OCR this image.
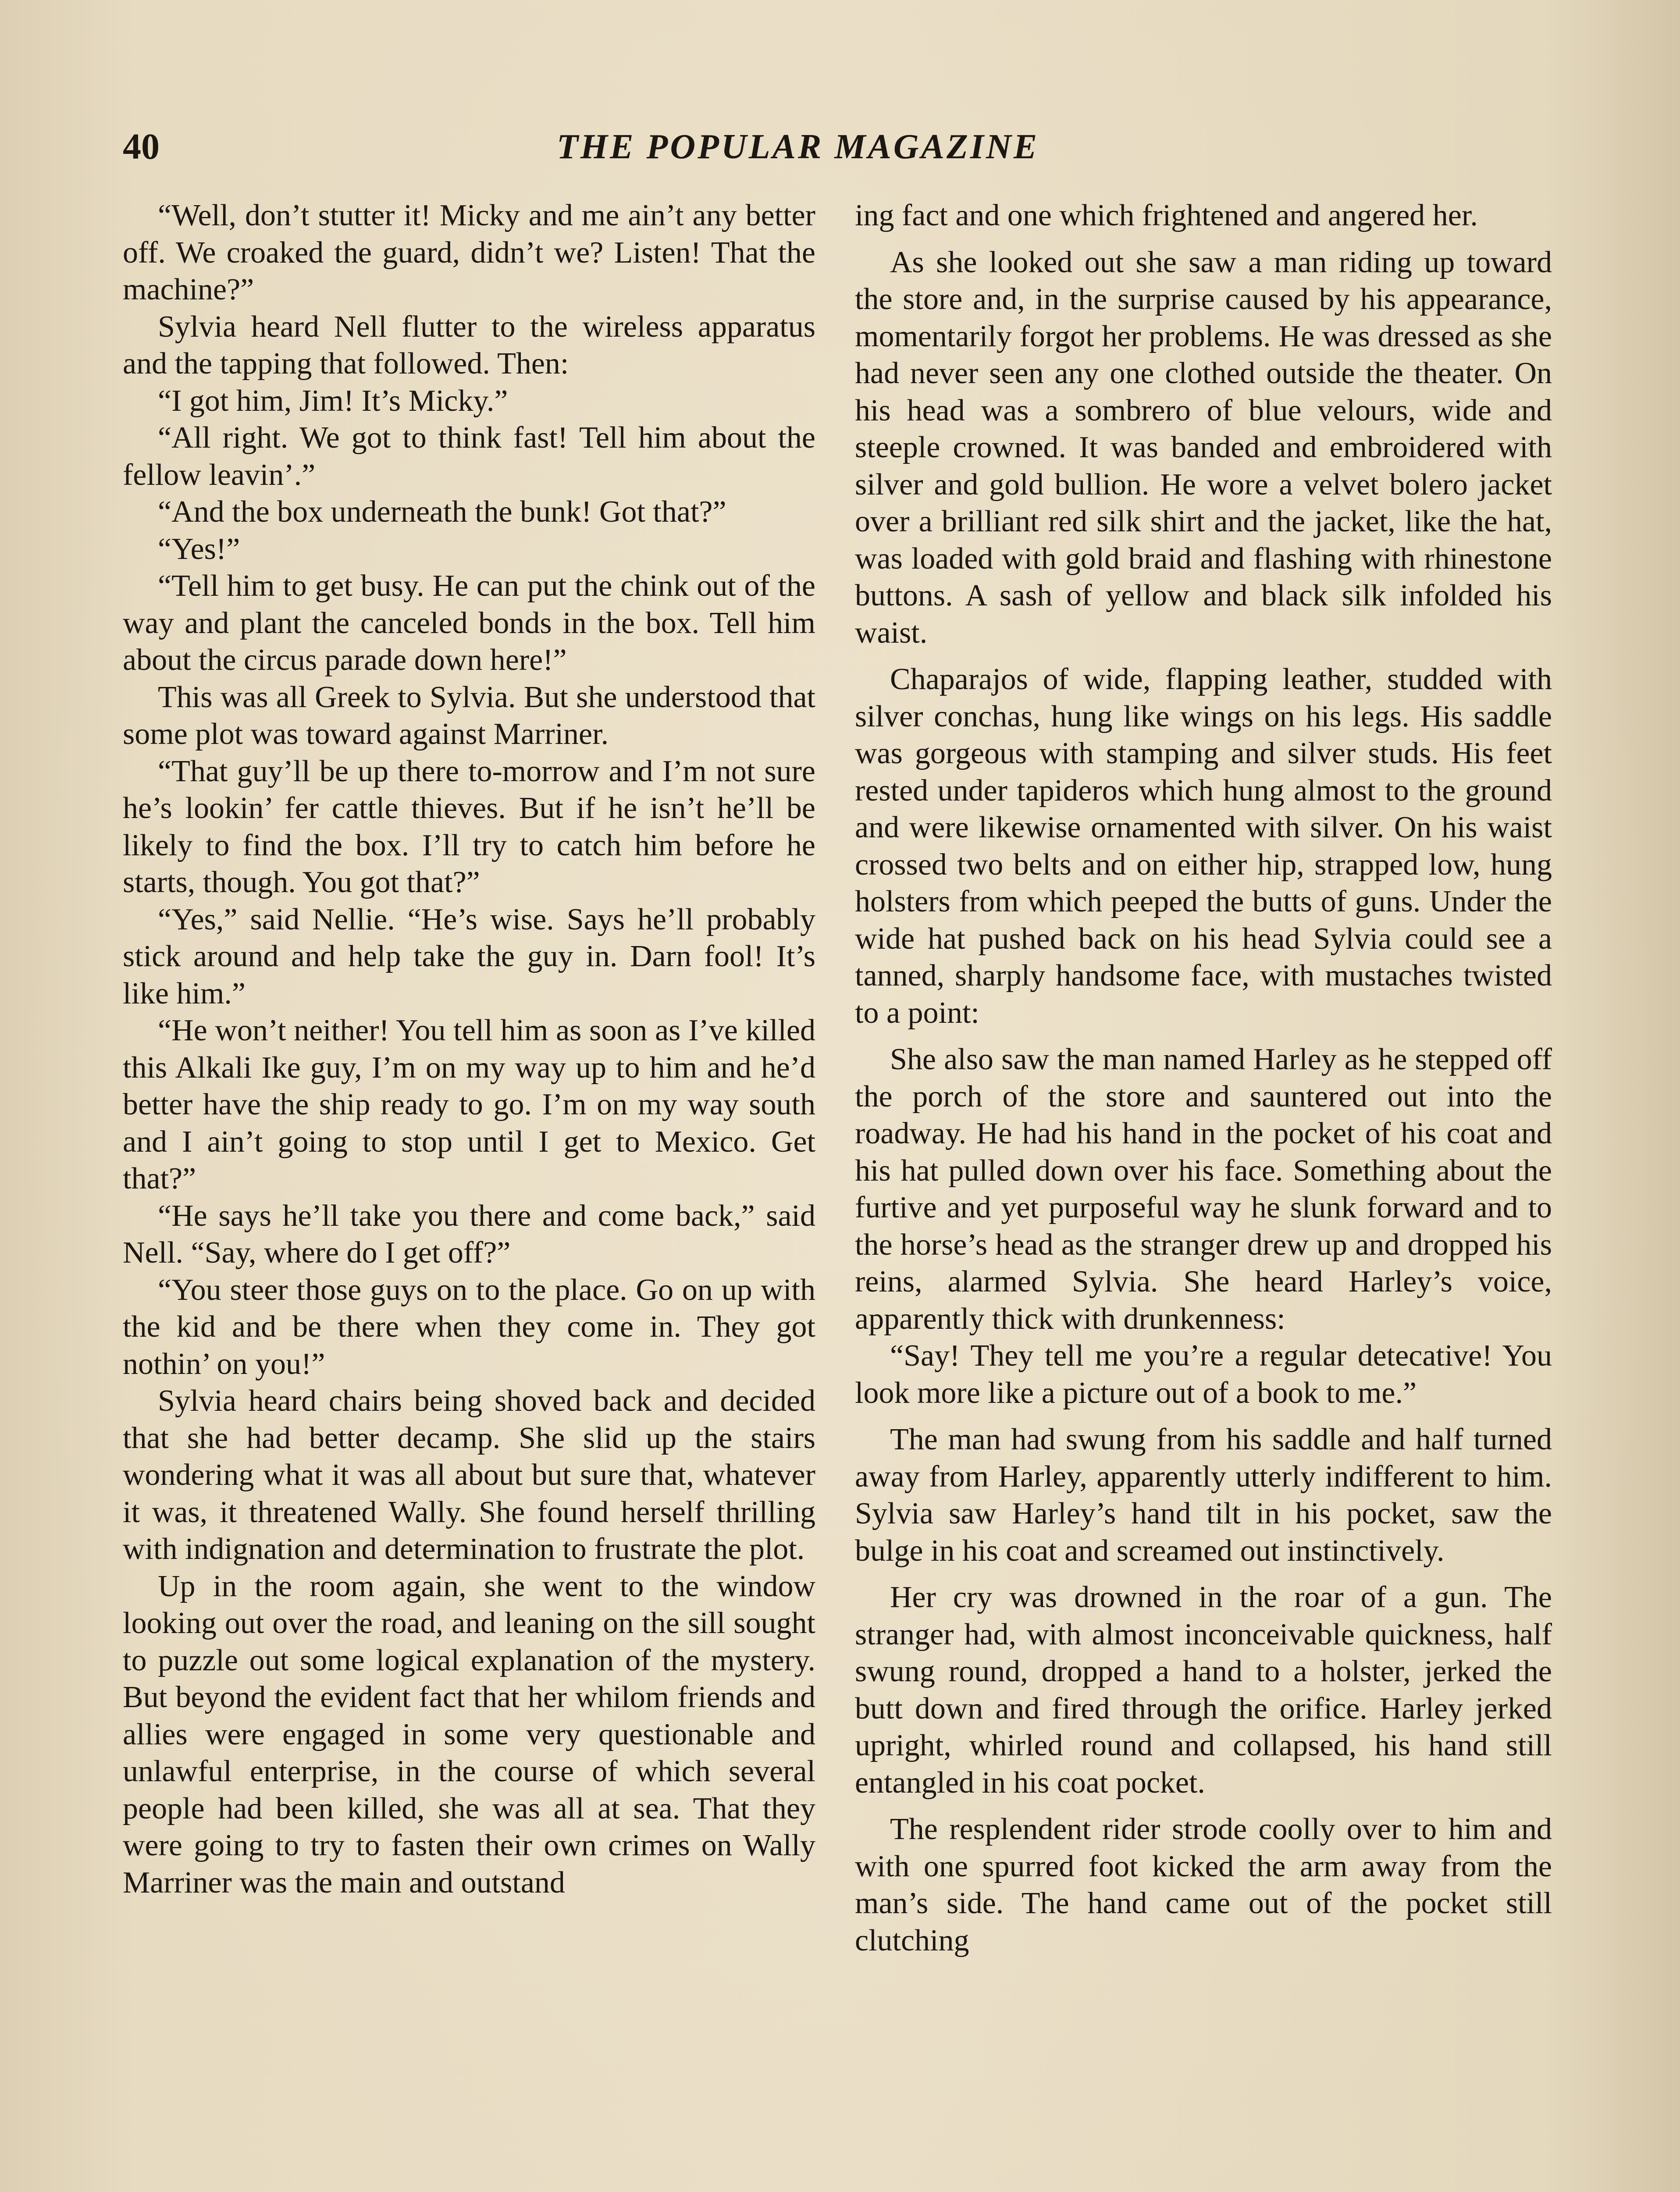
40	THE POPULAR MAGAZINE

“Well, don’t stutter it! Micky and me ain’t any better off. We croaked the guard, didn’t we? Listen! That the machine?”

Sylvia heard Nell flutter to the wireless apparatus and the tapping that followed. Then:

“I got him, Jim! It’s Micky.”

“All right. We got to think fast! Tell him about the fellow leavin’.”

“And the box underneath the bunk! Got that?”

“Yes!”

“Tell him to get busy. He can put the chink out of the way and plant the canceled bonds in the box. Tell him about the circus parade down here!”

This was all Greek to Sylvia. But she understood that some plot was toward against Marriner.

“That guy’ll be up there to-morrow and I’m not sure he’s lookin’ fer cattle thieves. But if he isn’t he’ll be likely to find the box. I’ll try to catch him before he starts, though. You got that?”

“Yes,” said Nellie. “He’s wise. Says he’ll probably stick around and help take the guy in. Darn fool! It’s like him.”

“He won’t neither! You tell him as soon as I’ve killed this Alkali Ike guy, I’m on my way up to him and he’d better have the ship ready to go. I’m on my way south and I ain’t going to stop until I get to Mexico. Get that?”

“He says he’ll take you there and come back,” said Nell. “Say, where do I get off?”

“You steer those guys on to the place. Go on up with the kid and be there when they come in. They got nothin’ on you!”

Sylvia heard chairs being shoved back and decided that she had better decamp. She slid up the stairs wondering what it was all about but sure that, whatever it was, it threatened Wally. She found herself thrilling with indignation and determination to frustrate the plot.

Up in the room again, she went to the window looking out over the road, and leaning on the sill sought to puzzle out some logical explanation of the mystery. But beyond the evident fact that her whilom friends and allies were engaged in some very questionable and unlawful enterprise, in the course of which several people had been killed, she was all at sea. That they were going to try to fasten their own crimes on Wally Marriner was the main and outstand

ing fact and one which frightened and angered her.

As she looked out she saw a man riding up toward the store and, in the surprise caused by his appearance, momentarily forgot her problems. He was dressed as she had never seen any one clothed outside the theater. On his head was a sombrero of blue velours, wide and steeple crowned. It was banded and embroidered with silver and gold bullion. He wore a velvet bolero jacket over a brilliant red silk shirt and the jacket, like the hat, was loaded with gold braid and flashing with rhinestone buttons. A sash of yellow and black silk infolded his waist.

Chaparajos of wide, flapping leather, studded with silver conchas, hung like wings on his legs. His saddle was gorgeous with stamping and silver studs. His feet rested under tapideros which hung almost to the ground and were likewise ornamented with silver. On his waist crossed two belts and on either hip, strapped low, hung holsters from which peeped the butts of guns. Under the wide hat pushed back on his head Sylvia could see a tanned, sharply handsome face, with mustaches twisted to a point:

She also saw the man named Harley as he stepped off the porch of the store and sauntered out into the roadway. He had his hand in the pocket of his coat and his hat pulled down over his face. Something about the furtive and yet purposeful way he slunk forward and to the horse’s head as the stranger drew up and dropped his reins, alarmed Sylvia. She heard Harley’s voice, apparently thick with drunkenness:

“Say! They tell me you’re a regular detecative! You look more like a picture out of a book to me.”

The man had swung from his saddle and half turned away from Harley, apparently utterly indifferent to him. Sylvia saw Harley’s hand tilt in his pocket, saw the bulge in his coat and screamed out instinctively.

Her cry was drowned in the roar of a gun. The stranger had, with almost inconceivable quickness, half swung round, dropped a hand to a holster, jerked the butt down and fired through the orifice. Harley jerked upright, whirled round and collapsed, his hand still entangled in his coat pocket.

The resplendent rider strode coolly over to him and with one spurred foot kicked the arm away from the man’s side. The hand came out of the pocket still clutching
